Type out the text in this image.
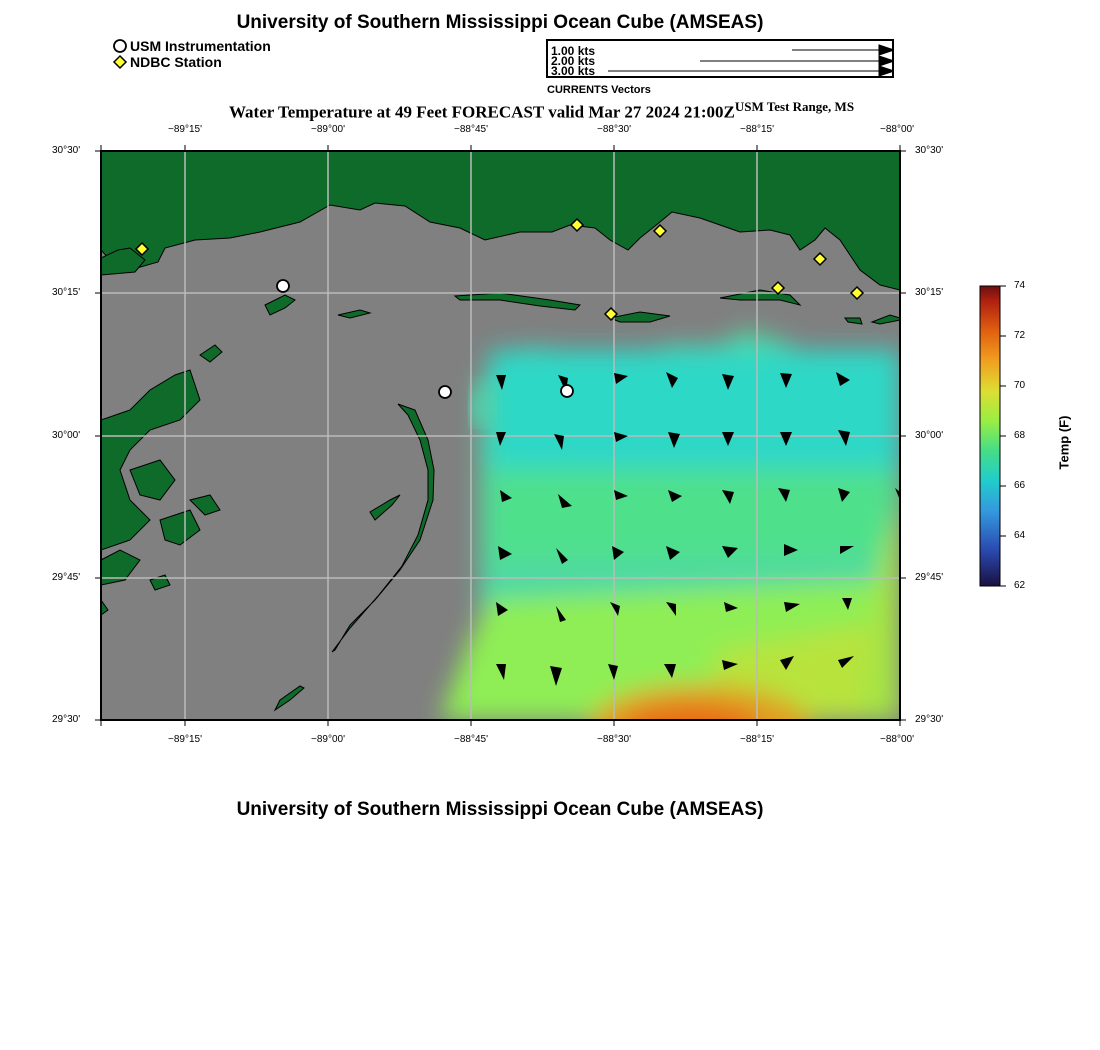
University of Southern Mississippi Ocean Cube (AMSEAS)
USM Instrumentation
NDBC Station
1.00 kts
2.00 kts
3.00 kts
CURRENTS Vectors
Water Temperature at 49 Feet FORECAST valid Mar 27 2024 $21:00Z^{USM Test Range, MS}$
−89°15'	−89°00'	−88°45'	−88°30'	−88°15'	−88°00'
−89°15'	−89°00'	−88°45'	−88°30'	−88°15'	−88°00'
30°30'
30°15'
30°00'
29°45'
29°30'
30°30'
30°15'
30°00'
29°45'
29°30'
74
72
70
68
66
64
62
Temp (F)
University of Southern Mississippi Ocean Cube (AMSEAS)
